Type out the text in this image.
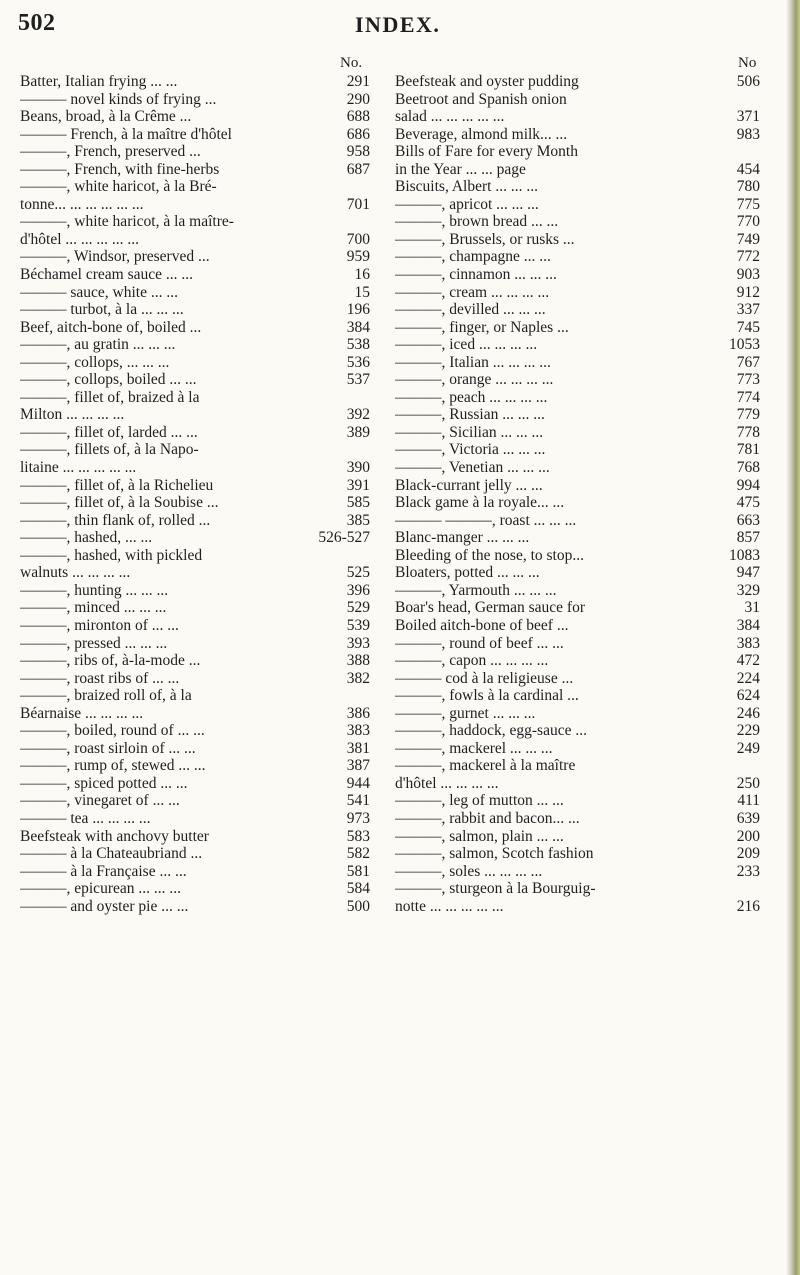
502	INDEX.
No.	No
Batter, Italian frying ... ...	291
——— novel kinds of frying ...	290
Beans, broad, à la Crême ...	688
——— French, à la maître d'hôtel	686
———, French, preserved ...	958
———, French, with fine-herbs	687
———, white haricot, à la Bré-
tonne... ... ... ... ... ...	701
———, white haricot, à la maître-
d'hôtel ... ... ... ... ...	700
———, Windsor, preserved ...	959
Béchamel cream sauce ... ...	16
——— sauce, white ... ...	15
——— turbot, à la ... ... ...	196
Beef, aitch-bone of, boiled ...	384
———, au gratin ... ... ...	538
———, collops, ... ... ...	536
———, collops, boiled ... ...	537
———, fillet of, braized à la
Milton ... ... ... ...	392
———, fillet of, larded ... ...	389
———, fillets of, à la Napo-
litaine ... ... ... ... ...	390
———, fillet of, à la Richelieu	391
———, fillet of, à la Soubise ...	585
———, thin flank of, rolled ...	385
———, hashed, ... ...	526-527
———, hashed, with pickled
walnuts ... ... ... ...	525
———, hunting ... ... ...	396
———, minced ... ... ...	529
———, mironton of ... ...	539
———, pressed ... ... ...	393
———, ribs of, à-la-mode ...	388
———, roast ribs of ... ...	382
———, braized roll of, à la
Béarnaise ... ... ... ...	386
———, boiled, round of ... ...	383
———, roast sirloin of ... ...	381
———, rump of, stewed ... ...	387
———, spiced potted ... ...	944
———, vinegaret of ... ...	541
——— tea ... ... ... ...	973
Beefsteak with anchovy butter	583
——— à la Chateaubriand ...	582
——— à la Française ... ...	581
———, epicurean ... ... ...	584
——— and oyster pie ... ...	500
Beefsteak and oyster pudding	506
Beetroot and Spanish onion
salad ... ... ... ... ...	371
Beverage, almond milk... ...	983
Bills of Fare for every Month
in the Year ... ... page	454
Biscuits, Albert ... ... ...	780
———, apricot ... ... ...	775
———, brown bread ... ...	770
———, Brussels, or rusks ...	749
———, champagne ... ...	772
———, cinnamon ... ... ...	903
———, cream ... ... ... ...	912
———, devilled ... ... ...	337
———, finger, or Naples ...	745
———, iced ... ... ... ...	1053
———, Italian ... ... ... ...	767
———, orange ... ... ... ...	773
———, peach ... ... ... ...	774
———, Russian ... ... ...	779
———, Sicilian ... ... ...	778
———, Victoria ... ... ...	781
———, Venetian ... ... ...	768
Black-currant jelly ... ...	994
Black game à la royale... ...	475
——— ———, roast ... ... ...	663
Blanc-manger ... ... ...	857
Bleeding of the nose, to stop...	1083
Bloaters, potted ... ... ...	947
———, Yarmouth ... ... ...	329
Boar's head, German sauce for	31
Boiled aitch-bone of beef ...	384
———, round of beef ... ...	383
———, capon ... ... ... ...	472
——— cod à la religieuse ...	224
———, fowls à la cardinal ...	624
———, gurnet ... ... ...	246
———, haddock, egg-sauce ...	229
———, mackerel ... ... ...	249
———, mackerel à la maître
d'hôtel ... ... ... ...	250
———, leg of mutton ... ...	411
———, rabbit and bacon... ...	639
———, salmon, plain ... ...	200
———, salmon, Scotch fashion	209
———, soles ... ... ... ...	233
———, sturgeon à la Bourguig-
notte ... ... ... ... ...	216
